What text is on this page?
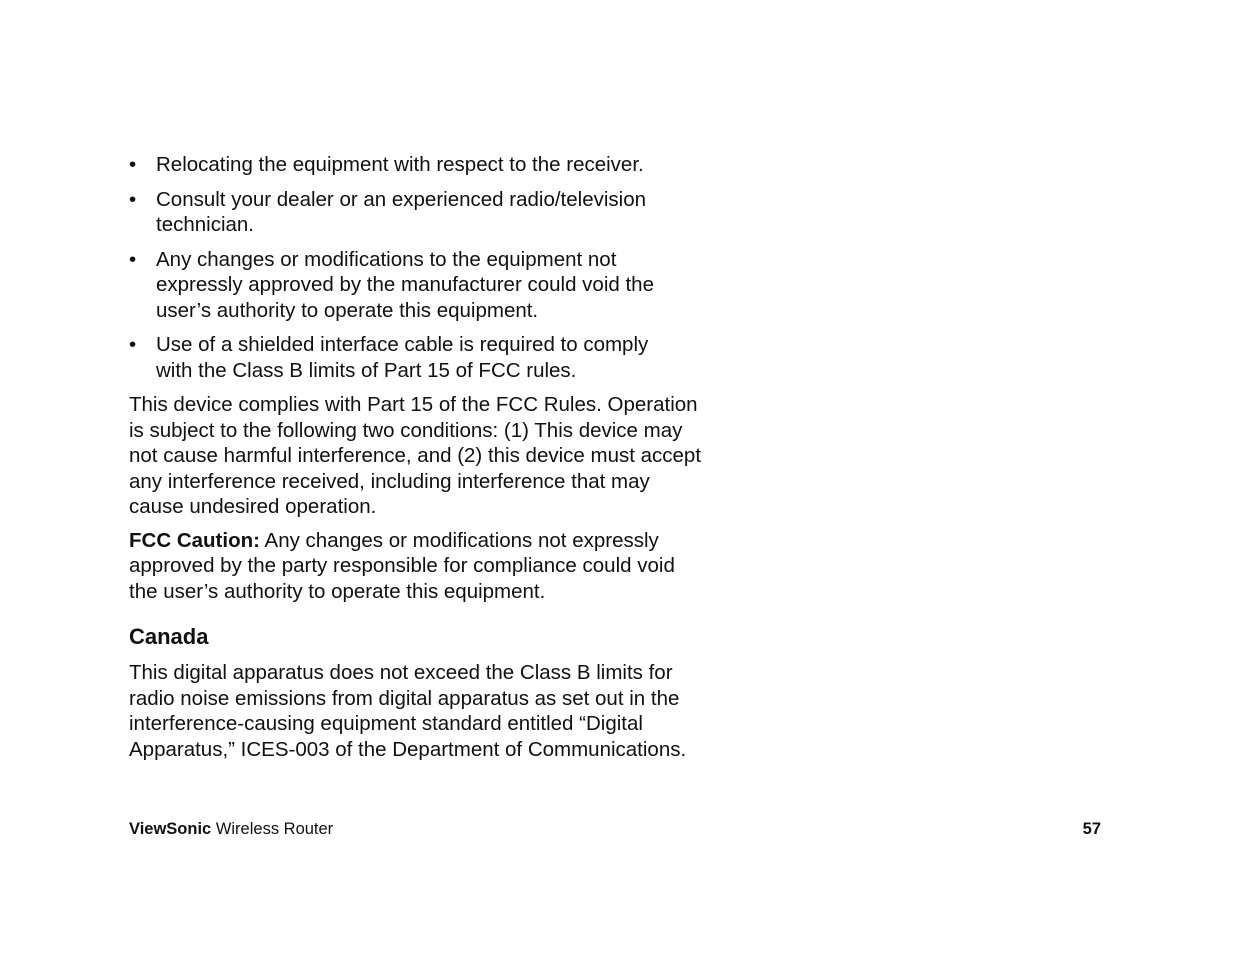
• Relocating the equipment with respect to the receiver.
• Consult your dealer or an experienced radio/television technician.
• Any changes or modifications to the equipment not expressly approved by the manufacturer could void the user’s authority to operate this equipment.
• Use of a shielded interface cable is required to comply with the Class B limits of Part 15 of FCC rules.

This device complies with Part 15 of the FCC Rules. Operation is subject to the following two conditions: (1) This device may not cause harmful interference, and (2) this device must accept any interference received, including interference that may cause undesired operation.

FCC Caution: Any changes or modifications not expressly approved by the party responsible for compliance could void the user’s authority to operate this equipment.

Canada

This digital apparatus does not exceed the Class B limits for radio noise emissions from digital apparatus as set out in the interference-causing equipment standard entitled “Digital Apparatus,” ICES-003 of the Department of Communications.

ViewSonic Wireless Router	57
